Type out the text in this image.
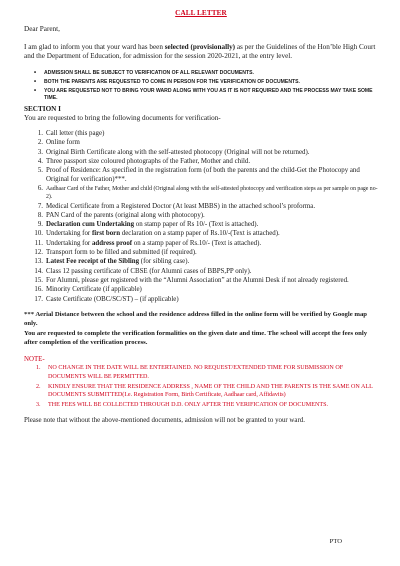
CALL LETTER

Dear Parent,

I am glad to inform you that your ward has been selected (provisionally) as per the Guidelines of the Hon’ble High Court and the Department of Education, for admission for the session 2020-2021, at the entry level.

• ADMISSION SHALL BE SUBJECT TO VERIFICATION OF ALL RELEVANT DOCUMENTS.
• BOTH THE PARENTS ARE REQUESTED TO COME IN PERSON FOR THE VERIFICATION OF DOCUMENTS.
• YOU ARE REQUESTED NOT TO BRING YOUR WARD ALONG WITH YOU AS IT IS NOT REQUIRED AND THE PROCESS MAY TAKE SOME TIME.

SECTION I

You are requested to bring the following documents for verification-

1. Call letter (this page)
2. Online form
3. Original Birth Certificate along with the self-attested photocopy (Original will not be returned).
4. Three passport size coloured photographs of the Father, Mother and child.
5. Proof of Residence: As specified in the registration form (of both the parents and the child-Get the Photocopy and Original for verification)***.
6. Aadhaar Card of the Father, Mother and child (Original along with the self-attested photocopy and verification steps as per sample on page no-2).
7. Medical Certificate from a Registered Doctor (At least MBBS) in the attached school’s proforma.
8. PAN Card of the parents (original along with photocopy).
9. Declaration cum Undertaking on stamp paper of Rs 10/- (Text is attached).
10. Undertaking for first born declaration on a stamp paper of Rs.10/-(Text is attached).
11. Undertaking for address proof on a stamp paper of Rs.10/- (Text is attached).
12. Transport form to be filled and submitted (if required).
13. Latest Fee receipt of the Sibling (for sibling case).
14. Class 12 passing certificate of CBSE (for Alumni cases of BBPS,PP only).
15. For Alumni, please get registered with the “Alumni Association” at the Alumni Desk if not already registered.
16. Minority Certificate (if applicable)
17. Caste Certificate (OBC/SC/ST) – (if applicable)

*** Aerial Distance between the school and the residence address filled in the online form will be verified by Google map only.
You are requested to complete the verification formalities on the given date and time. The school will accept the fees only after completion of the verification process.

NOTE-

1. NO CHANGE IN THE DATE WILL BE ENTERTAINED. NO REQUEST/EXTENDED TIME FOR SUBMISSION OF DOCUMENTS WILL BE PERMITTED.
2. KINDLY ENSURE THAT THE RESIDENCE ADDRESS , NAME OF THE CHILD AND THE PARENTS IS THE SAME ON ALL DOCUMENTS SUBMITTED(I.e. Registration Form, Birth Certificate, Aadhaar card, Affidavits)
3. THE FEES WILL BE COLLECTED THROUGH D.D. ONLY AFTER THE VERIFICATION OF DOCUMENTS.

Please note that without the above-mentioned documents, admission will not be granted to your ward.

PTO
